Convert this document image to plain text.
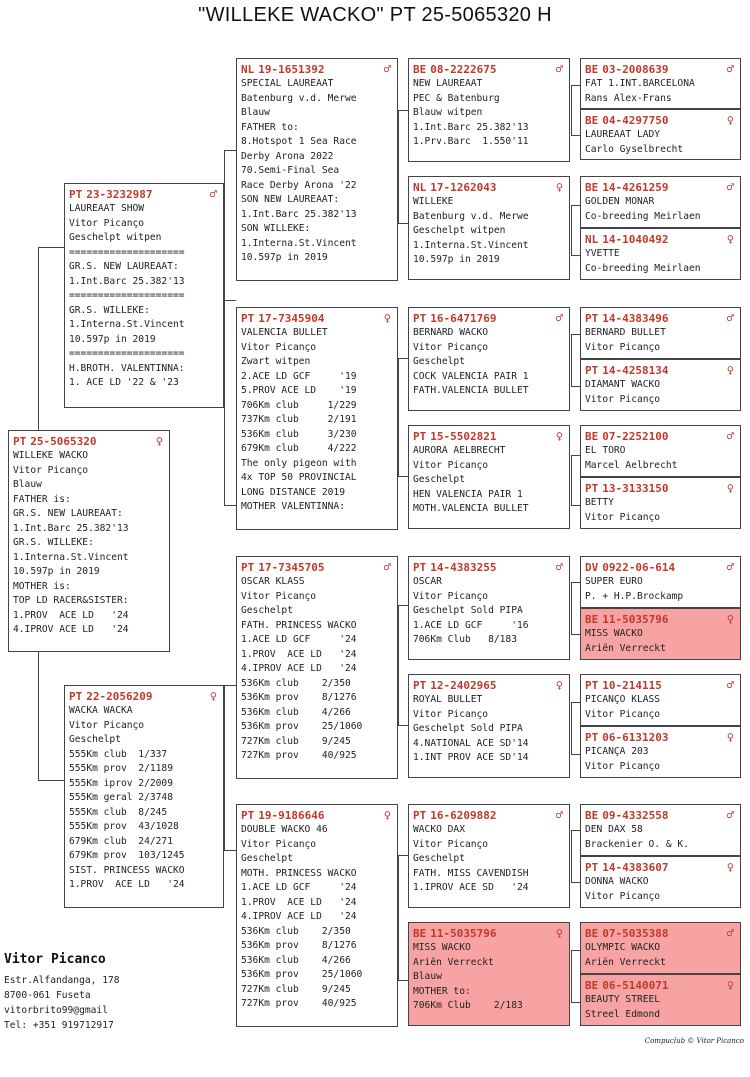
"WILLEKE WACKO" PT 25-5065320 H
PT 25-5065320	♀
WILLEKE WACKO
Vitor Picanço
Blauw
FATHER is:
GR.S. NEW LAUREAAT:
1.Int.Barc 25.382'13
GR.S. WILLEKE:
1.Interna.St.Vincent
10.597p in 2019
MOTHER is:
TOP LD RACER&SISTER:
1.PROV  ACE LD   '24
4.IPROV ACE LD   '24
PT 23-3232987	♂
LAUREAAT SHOW
Vitor Picanço
Geschelpt witpen
====================
GR.S. NEW LAUREAAT:
1.Int.Barc 25.382'13
====================
GR.S. WILLEKE:
1.Interna.St.Vincent
10.597p in 2019
====================
H.BROTH. VALENTINNA:
1. ACE LD '22 & '23
PT 22-2056209	♀
WACKA WACKA
Vitor Picanço
Geschelpt
555Km club  1/337
555Km prov  2/1189
555Km iprov 2/2009
555Km geral 2/3748
555Km club  8/245
555Km prov  43/1028
679Km club  24/271
679Km prov  103/1245
SIST. PRINCESS WACKO
1.PROV  ACE LD   '24
NL 19-1651392	♂
SPECIAL LAUREAAT
Batenburg v.d. Merwe
Blauw
FATHER to:
8.Hotspot 1 Sea Race
Derby Arona 2022
70.Semi-Final Sea
Race Derby Arona '22
SON NEW LAUREAAT:
1.Int.Barc 25.382'13
SON WILLEKE:
1.Interna.St.Vincent
10.597p in 2019
PT 17-7345904	♀
VALENCIA BULLET
Vitor Picanço
Zwart witpen
2.ACE LD GCF     '19
5.PROV ACE LD    '19
706Km club     1/229
737Km club     2/191
536Km club     3/230
679Km club     4/222
The only pigeon with
4x TOP 50 PROVINCIAL
LONG DISTANCE 2019
MOTHER VALENTINNA:
PT 17-7345705	♂
OSCAR KLASS
Vitor Picanço
Geschelpt
FATH. PRINCESS WACKO
1.ACE LD GCF     '24
1.PROV  ACE LD   '24
4.IPROV ACE LD   '24
536Km club    2/350
536Km prov    8/1276
536Km club    4/266
536Km prov    25/1060
727Km club    9/245
727Km prov    40/925
PT 19-9186646	♀
DOUBLE WACKO 46
Vitor Picanço
Geschelpt
MOTH. PRINCESS WACKO
1.ACE LD GCF     '24
1.PROV  ACE LD   '24
4.IPROV ACE LD   '24
536Km club    2/350
536Km prov    8/1276
536Km club    4/266
536Km prov    25/1060
727Km club    9/245
727Km prov    40/925
BE 08-2222675	♂
NEW LAUREAAT
PEC & Batenburg
Blauw witpen
1.Int.Barc 25.382'13
1.Prv.Barc  1.550'11
NL 17-1262043	♀
WILLEKE
Batenburg v.d. Merwe
Geschelpt witpen
1.Interna.St.Vincent
10.597p in 2019
PT 16-6471769	♂
BERNARD WACKO
Vitor Picanço
Geschelpt
COCK VALENCIA PAIR 1
FATH.VALENCIA BULLET
PT 15-5502821	♀
AURORA AELBRECHT
Vitor Picanço
Geschelpt
HEN VALENCIA PAIR 1
MOTH.VALENCIA BULLET
PT 14-4383255	♂
OSCAR
Vitor Picanço
Geschelpt Sold PIPA
1.ACE LD GCF     '16
706Km Club   8/183
PT 12-2402965	♀
ROYAL BULLET
Vitor Picanço
Geschelpt Sold PIPA
4.NATIONAL ACE SD'14
1.INT PROV ACE SD'14
PT 16-6209882	♂
WACKO DAX
Vitor Picanço
Geschelpt
FATH. MISS CAVENDISH
1.IPROV ACE SD   '24
BE 11-5035796	♀
MISS WACKO
Ariën Verreckt
Blauw
MOTHER to:
706Km Club    2/183
BE 03-2008639	♂
FAT 1.INT.BARCELONA
Rans Alex-Frans
BE 04-4297750	♀
LAUREAAT LADY
Carlo Gyselbrecht
BE 14-4261259	♂
GOLDEN MONAR
Co-breeding Meirlaen
NL 14-1040492	♀
YVETTE
Co-breeding Meirlaen
PT 14-4383496	♂
BERNARD BULLET
Vitor Picanço
PT 14-4258134	♀
DIAMANT WACKO
Vitor Picanço
BE 07-2252100	♂
EL TORO
Marcel Aelbrecht
PT 13-3133150	♀
BETTY
Vitor Picanço
DV 0922-06-614	♂
SUPER EURO
P. + H.P.Brockamp
BE 11-5035796	♀
MISS WACKO
Ariën Verreckt
PT 10-214115	♂
PICANÇO KLASS
Vitor Picanço
PT 06-6131203	♀
PICANÇA 203
Vitor Picanço
BE 09-4332558	♂
DEN DAX 58
Brackenier O. & K.
PT 14-4383607	♀
DONNA WACKO
Vitor Picanço
BE 07-5035388	♂
OLYMPIC WACKO
Ariën Verreckt
BE 06-5140071	♀
BEAUTY STREEL
Streel Edmond
Vitor Picanco
Estr.Alfandanga, 178
8700-061 Fuseta
vitorbrito99@gmail
Tel: +351 919712917
Compuclub © Vitor Picanco
